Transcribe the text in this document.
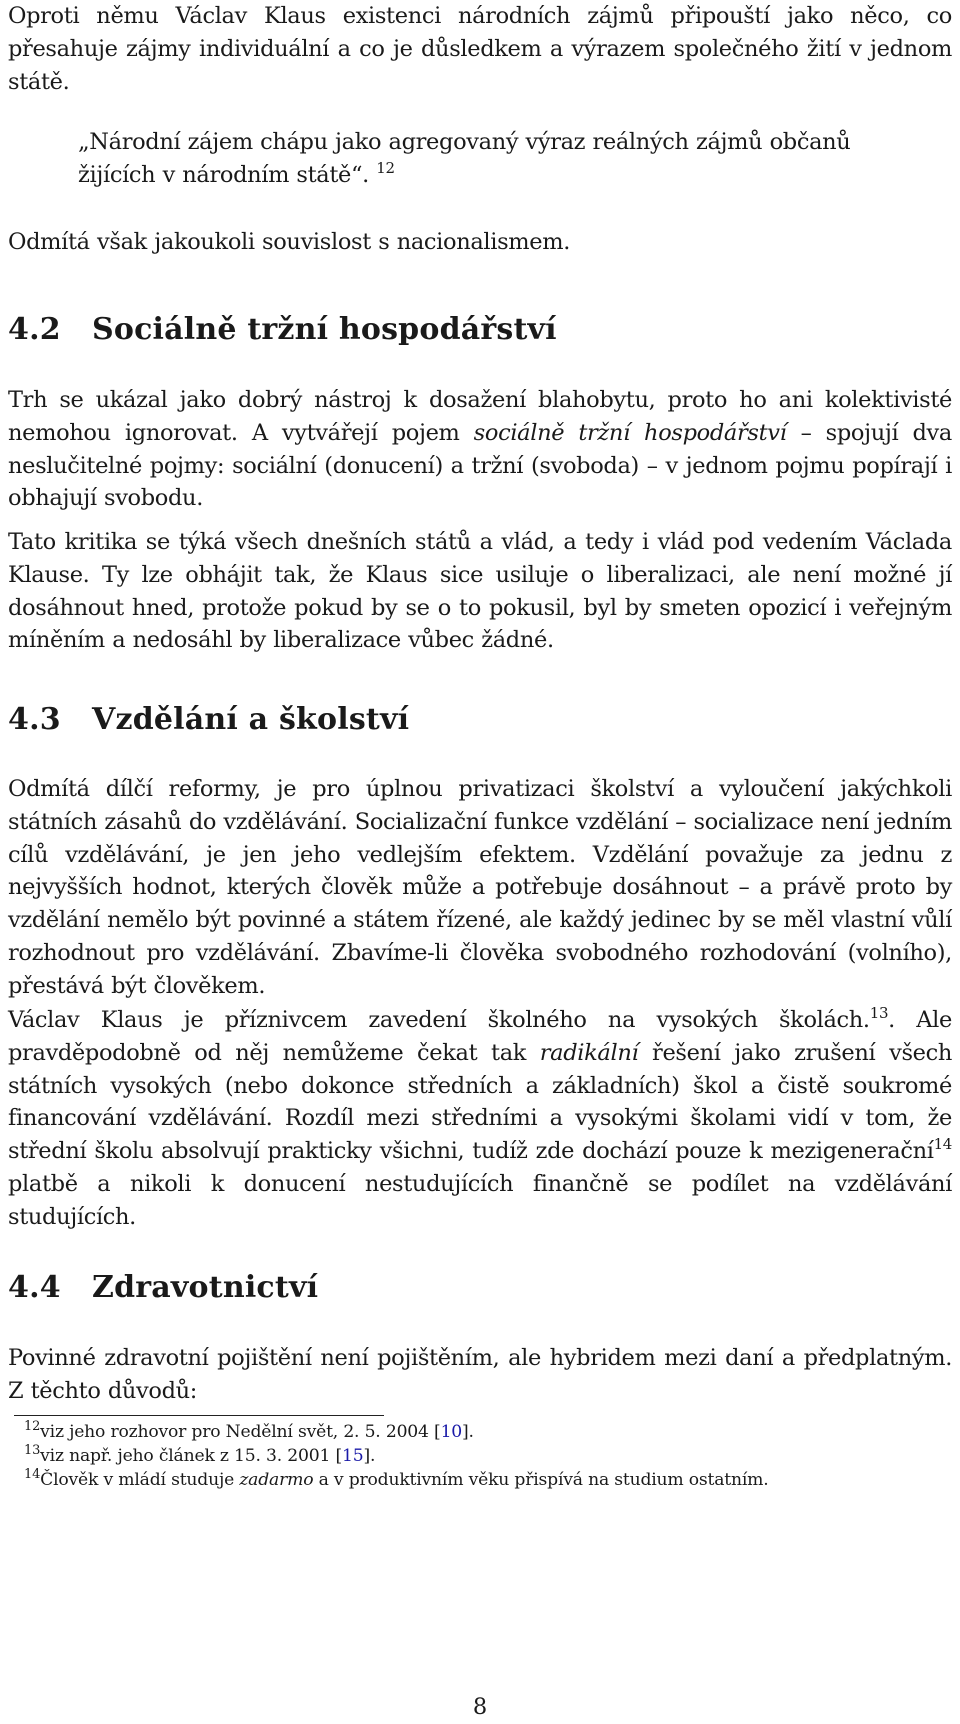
Oproti němu Václav Klaus existenci národních zájmů připouští jako něco, co přesahuje zájmy individuální a co je důsledkem a výrazem společného žití v jednom státě.

„Národní zájem chápu jako agregovaný výraz reálných zájmů občanů žijících v národním státě“. $^{12}$

Odmítá však jakoukoli souvislost s nacionalismem.

4.2 Sociálně tržní hospodářství

Trh se ukázal jako dobrý nástroj k dosažení blahobytu, proto ho ani kolektivisté nemohou ignorovat. A vytvářejí pojem sociálně tržní hospodářství – spojují dva neslučitelné pojmy: sociální (donucení) a tržní (svoboda) – v jednom pojmu popírají i obhajují svobodu.

Tato kritika se týká všech dnešních států a vlád, a tedy i vlád pod vedením Václada Klause. Ty lze obhájit tak, že Klaus sice usiluje o liberalizaci, ale není možné jí dosáhnout hned, protože pokud by se o to pokusil, byl by smeten opozicí i veřejným míněním a nedosáhl by liberalizace vůbec žádné.

4.3 Vzdělání a školství

Odmítá dílčí reformy, je pro úplnou privatizaci školství a vyloučení jakýchkoli státních zásahů do vzdělávání. Socializační funkce vzdělání – socializace není jedním cílů vzdělávání, je jen jeho vedlejším efektem. Vzdělání považuje za jednu z nejvyšších hodnot, kterých člověk může a potřebuje dosáhnout – a právě proto by vzdělání nemělo být povinné a státem řízené, ale každý jedinec by se měl vlastní vůlí rozhodnout pro vzdělávání. Zbavíme-li člověka svobodného rozhodování (volního), přestává být člověkem.

Václav Klaus je příznivcem zavedení školného na vysokých školách.$^{13}$. Ale pravděpodobně od něj nemůžeme čekat tak radikální řešení jako zrušení všech státních vysokých (nebo dokonce středních a základních) škol a čistě soukromé financování vzdělávání. Rozdíl mezi středními a vysokými školami vidí v tom, že střední školu absolvují prakticky všichni, tudíž zde dochází pouze k mezigenerační$^{14}$ platbě a nikoli k donucení nestudujících finančně se podílet na vzdělávání studujících.

4.4 Zdravotnictví

Povinné zdravotní pojištění není pojištěním, ale hybridem mezi daní a předplatným. Z těchto důvodů:

$^{12}$viz jeho rozhovor pro Nedělní svět, 2. 5. 2004 [10].
$^{13}$viz např. jeho článek z 15. 3. 2001 [15].
$^{14}$Člověk v mládí studuje zadarmo a v produktivním věku přispívá na studium ostatním.
8
